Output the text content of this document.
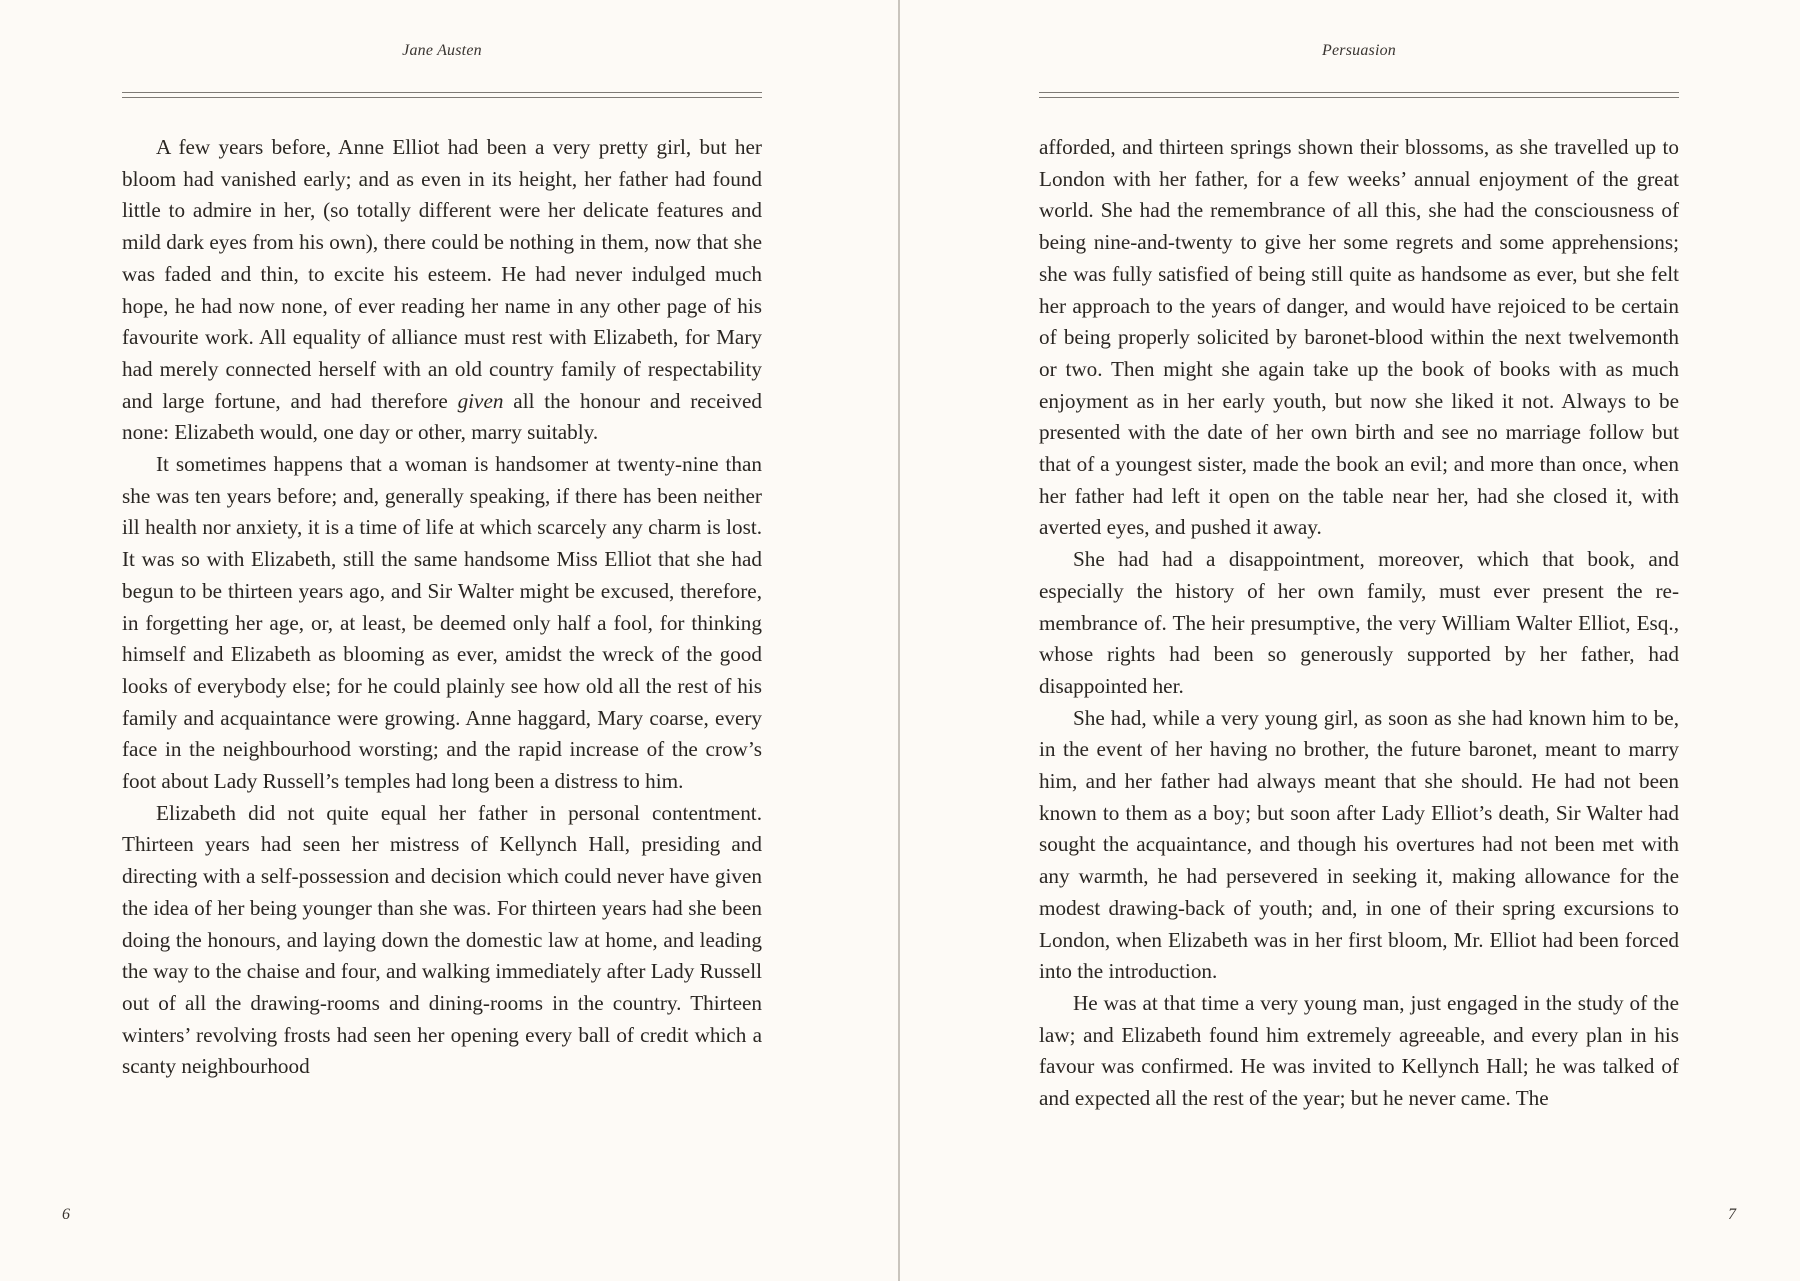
Jane Austen

A few years before, Anne Elliot had been a very pretty girl, but her bloom had vanished early; and as even in its height, her father had found little to admire in her, (so totally different were her delicate features and mild dark eyes from his own), there could be nothing in them, now that she was faded and thin, to excite his esteem. He had never indulged much hope, he had now none, of ever reading her name in any other page of his favourite work. All equality of alliance must rest with Elizabeth, for Mary had merely connected herself with an old country family of respectability and large fortune, and had therefore given all the honour and received none: Elizabeth would, one day or other, marry suitably.

It sometimes happens that a woman is handsomer at twenty-nine than she was ten years before; and, generally speaking, if there has been neither ill health nor anxiety, it is a time of life at which scarcely any charm is lost. It was so with Elizabeth, still the same handsome Miss Elliot that she had begun to be thirteen years ago, and Sir Walter might be excused, therefore, in forgetting her age, or, at least, be deemed only half a fool, for thinking himself and Elizabeth as blooming as ever, amidst the wreck of the good looks of everybody else; for he could plainly see how old all the rest of his family and acquaintance were growing. Anne haggard, Mary coarse, every face in the neighbourhood worsting; and the rapid increase of the crow’s foot about Lady Russell’s temples had long been a distress to him.

Elizabeth did not quite equal her father in personal contentment. Thirteen years had seen her mistress of Kellynch Hall, presiding and directing with a self-possession and decision which could never have given the idea of her being younger than she was. For thirteen years had she been doing the honours, and laying down the domestic law at home, and leading the way to the chaise and four, and walking immediately after Lady Russell out of all the drawing-rooms and dining-rooms in the country. Thirteen winters’ revolving frosts had seen her opening every ball of credit which a scanty neighbourhood

6
Persuasion

afforded, and thirteen springs shown their blossoms, as she travelled up to London with her father, for a few weeks’ annual enjoyment of the great world. She had the remembrance of all this, she had the consciousness of being nine-and-twenty to give her some regrets and some apprehensions; she was fully satisfied of being still quite as handsome as ever, but she felt her approach to the years of danger, and would have rejoiced to be certain of being properly solicited by baronet-blood within the next twelvemonth or two. Then might she again take up the book of books with as much enjoyment as in her early youth, but now she liked it not. Always to be presented with the date of her own birth and see no marriage follow but that of a youngest sister, made the book an evil; and more than once, when her father had left it open on the table near her, had she closed it, with averted eyes, and pushed it away.

She had had a disappointment, moreover, which that book, and especially the history of her own family, must ever present the remembrance of. The heir presumptive, the very William Walter Elliot, Esq., whose rights had been so generously supported by her father, had disappointed her.

She had, while a very young girl, as soon as she had known him to be, in the event of her having no brother, the future baronet, meant to marry him, and her father had always meant that she should. He had not been known to them as a boy; but soon after Lady Elliot’s death, Sir Walter had sought the acquaintance, and though his overtures had not been met with any warmth, he had persevered in seeking it, making allowance for the modest drawing-back of youth; and, in one of their spring excursions to London, when Elizabeth was in her first bloom, Mr. Elliot had been forced into the introduction.

He was at that time a very young man, just engaged in the study of the law; and Elizabeth found him extremely agreeable, and every plan in his favour was confirmed. He was invited to Kellynch Hall; he was talked of and expected all the rest of the year; but he never came. The

7
